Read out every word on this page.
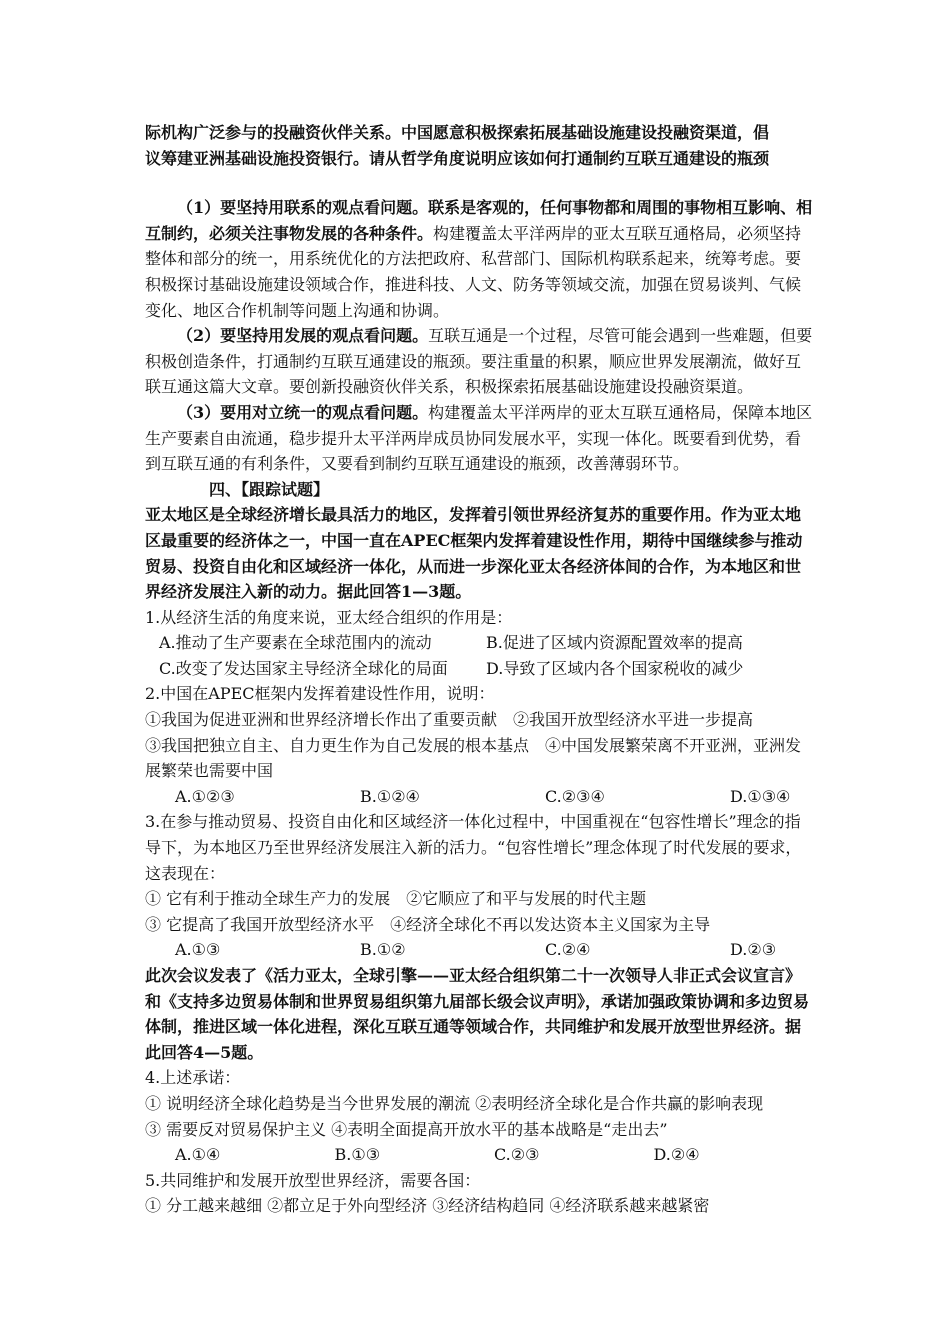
际机构广泛参与的投融资伙伴关系。中国愿意积极探索拓展基础设施建设投融资渠道，倡

议筹建亚洲基础设施投资银行。请从哲学角度说明应该如何打通制约互联互通建设的瓶颈

（1）要坚持用联系的观点看问题。联系是客观的，任何事物都和周围的事物相互影响、相互制约，必须关注事物发展的各种条件。构建覆盖太平洋两岸的亚太互联互通格局，必须坚持整体和部分的统一，用系统优化的方法把政府、私营部门、国际机构联系起来，统筹考虑。要积极探讨基础设施建设领域合作，推进科技、人文、防务等领域交流，加强在贸易谈判、气候变化、地区合作机制等问题上沟通和协调。

（2）要坚持用发展的观点看问题。互联互通是一个过程，尽管可能会遇到一些难题，但要积极创造条件，打通制约互联互通建设的瓶颈。要注重量的积累，顺应世界发展潮流，做好互联互通这篇大文章。要创新投融资伙伴关系，积极探索拓展基础设施建设投融资渠道。

（3）要用对立统一的观点看问题。构建覆盖太平洋两岸的亚太互联互通格局，保障本地区生产要素自由流通，稳步提升太平洋两岸成员协同发展水平，实现一体化。既要看到优势，看到互联互通的有利条件，又要看到制约互联互通建设的瓶颈，改善薄弱环节。

四、【跟踪试题】

亚太地区是全球经济增长最具活力的地区，发挥着引领世界经济复苏的重要作用。作为亚太地区最重要的经济体之一，中国一直在APEC框架内发挥着建设性作用，期待中国继续参与推动贸易、投资自由化和区域经济一体化，从而进一步深化亚太各经济体间的合作，为本地区和世界经济发展注入新的动力。据此回答1—3题。

1.从经济生活的角度来说，亚太经合组织的作用是：

A.推动了生产要素在全球范围内的流动	B.促进了区域内资源配置效率的提高
C.改变了发达国家主导经济全球化的局面	D.导致了区域内各个国家税收的减少

2.中国在APEC框架内发挥着建设性作用，说明：

①我国为促进亚洲和世界经济增长作出了重要贡献　②我国开放型经济水平进一步提高

③我国把独立自主、自力更生作为自己发展的根本基点　④中国发展繁荣离不开亚洲，亚洲发展繁荣也需要中国

A.①②③	B.①②④	C.②③④	D.①③④

3.在参与推动贸易、投资自由化和区域经济一体化过程中，中国重视在“包容性增长”理念的指导下，为本地区乃至世界经济发展注入新的活力。“包容性增长”理念体现了时代发展的要求，这表现在：

① 它有利于推动全球生产力的发展　②它顺应了和平与发展的时代主题

③ 它提高了我国开放型经济水平　④经济全球化不再以发达资本主义国家为主导

A.①③	B.①②	C.②④	D.②③

此次会议发表了《活力亚太，全球引擎——亚太经合组织第二十一次领导人非正式会议宣言》和《支持多边贸易体制和世界贸易组织第九届部长级会议声明》，承诺加强政策协调和多边贸易体制，推进区域一体化进程，深化互联互通等领域合作，共同维护和发展开放型世界经济。据此回答4—5题。

4.上述承诺：

① 说明经济全球化趋势是当今世界发展的潮流 ②表明经济全球化是合作共赢的影响表现

③ 需要反对贸易保护主义 ④表明全面提高开放水平的基本战略是“走出去”

A.①④	B.①③	C.②③	D.②④

5.共同维护和发展开放型世界经济，需要各国：

① 分工越来越细 ②都立足于外向型经济 ③经济结构趋同 ④经济联系越来越紧密
